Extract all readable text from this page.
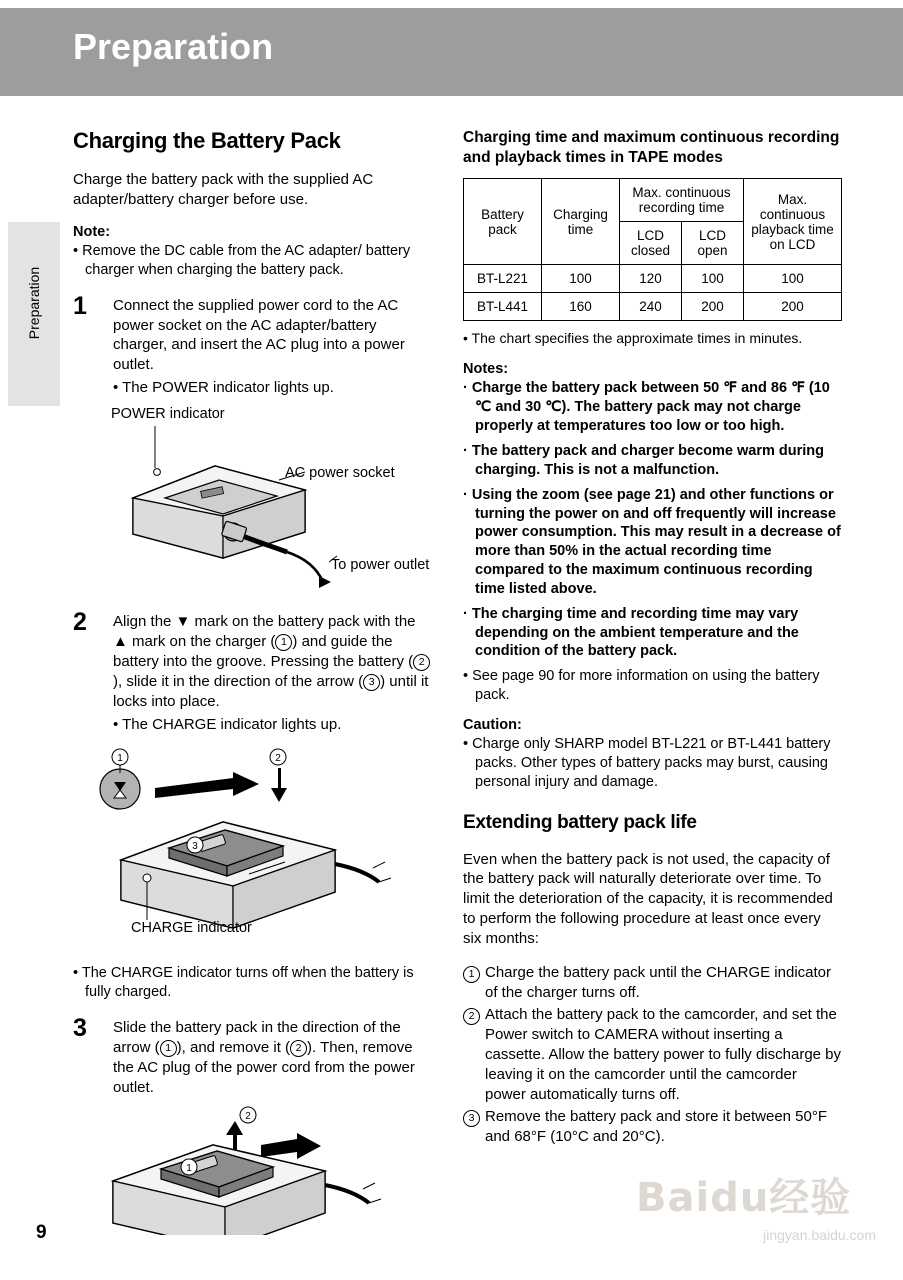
Preparation
Preparation
Charging the Battery Pack

Charge the battery pack with the supplied AC adapter/battery charger before use.

Note:

• Remove the DC cable from the AC adapter/ battery charger when charging the battery pack.

1 Connect the supplied power cord to the AC power socket on the AC adapter/battery charger, and insert the AC plug into a power outlet.
• The POWER indicator lights up.
POWER indicator
AC power socket
To power outlet
2 Align the ▼ mark on the battery pack with the ▲ mark on the charger ( 1 ) and guide the battery into the groove. Pressing the battery ( 2), slide it in the direction of the arrow ( 3 ) until it locks into place.
• The CHARGE indicator lights up.
1	2
3
CHARGE indicator
• The CHARGE indicator turns off when the battery is fully charged.
3 Slide the battery pack in the direction of the arrow ( 1 ), and remove it ( 2 ). Then, remove the AC plug of the power cord from the power outlet.
2
1
Charging time and maximum continuous recording and playback times in TAPE modes
Battery pack	Charging time	Max. continuous recording time		Max. continuous playback time on LCD
		LCD closed	LCD open	
BT-L221	100	120	100	100
BT-L441	160	240	200	200
• The chart specifies the approximate times in minutes.

Notes:

· Charge the battery pack between 50 ℉ and 86 ℉ (10 ℃ and 30 ℃). The battery pack may not charge properly at temperatures too low or too high.
· The battery pack and charger become warm during charging. This is not a malfunction.
· Using the zoom (see page 21) and other functions or turning the power on and off frequently will increase power consumption. This may result in a decrease of more than 50% in the actual recording time compared to the maximum continuous recording time listed above.
· The charging time and recording time may vary depending on the ambient temperature and the condition of the battery pack.
• See page 90 for more information on using the battery pack.

Caution:

• Charge only SHARP model BT-L221 or BT-L441 battery packs. Other types of battery packs may burst, causing personal injury and damage.
Extending battery pack life

Even when the battery pack is not used, the capacity of the battery pack will naturally deteriorate over time. To limit the deterioration of the capacity, it is recommended to perform the following procedure at least once every six months:

1 Charge the battery pack until the CHARGE indicator of the charger turns off.
2 Attach the battery pack to the camcorder, and set the Power switch to CAMERA without inserting a cassette. Allow the battery power to fully discharge by leaving it on the camcorder until the camcorder power automatically turns off.
3 Remove the battery pack and store it between 50°F and 68°F (10°C and 20°C).
9
Baidu经验
jingyan.baidu.com
